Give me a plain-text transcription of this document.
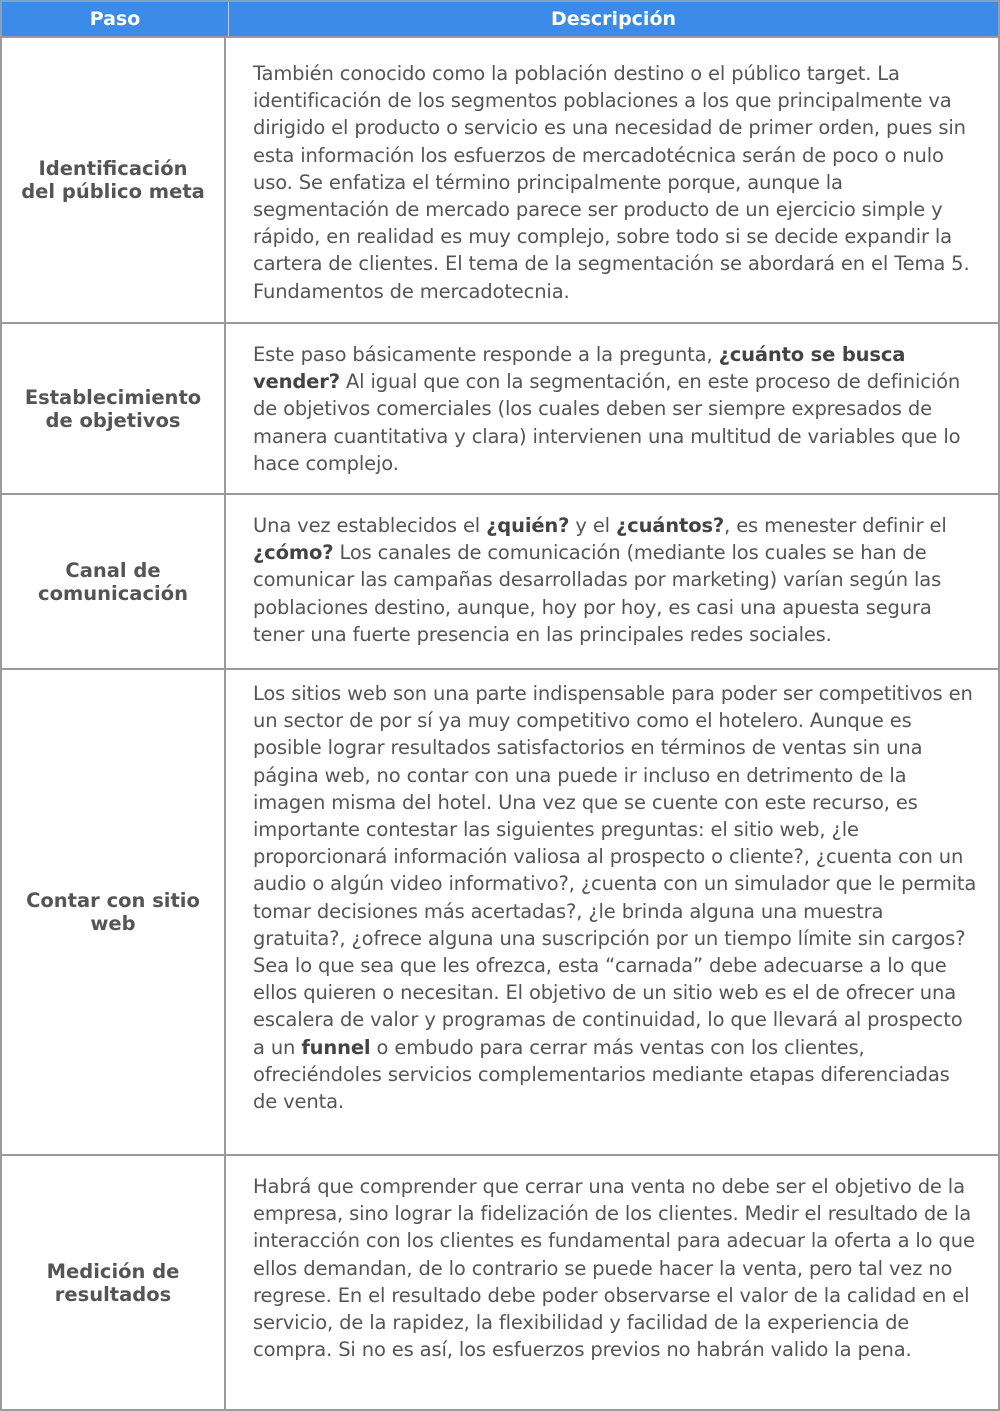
Paso	Descripción
Identificación del público meta
También conocido como la población destino o el público target. La identificación de los segmentos poblaciones a los que principalmente va dirigido el producto o servicio es una necesidad de primer orden, pues sin esta información los esfuerzos de mercadotécnica serán de poco o nulo uso. Se enfatiza el término principalmente porque, aunque la segmentación de mercado parece ser producto de un ejercicio simple y rápido, en realidad es muy complejo, sobre todo si se decide expandir la cartera de clientes. El tema de la segmentación se abordará en el Tema 5. Fundamentos de mercadotecnia.
Establecimiento de objetivos
Este paso básicamente responde a la pregunta, ¿cuánto se busca vender? Al igual que con la segmentación, en este proceso de definición de objetivos comerciales (los cuales deben ser siempre expresados de manera cuantitativa y clara) intervienen una multitud de variables que lo hace complejo.
Canal de comunicación
Una vez establecidos el ¿quién? y el ¿cuántos?, es menester definir el ¿cómo? Los canales de comunicación (mediante los cuales se han de comunicar las campañas desarrolladas por marketing) varían según las poblaciones destino, aunque, hoy por hoy, es casi una apuesta segura tener una fuerte presencia en las principales redes sociales.
Contar con sitio web
Los sitios web son una parte indispensable para poder ser competitivos en un sector de por sí ya muy competitivo como el hotelero. Aunque es posible lograr resultados satisfactorios en términos de ventas sin una página web, no contar con una puede ir incluso en detrimento de la imagen misma del hotel. Una vez que se cuente con este recurso, es importante contestar las siguientes preguntas: el sitio web, ¿le proporcionará información valiosa al prospecto o cliente?, ¿cuenta con un audio o algún video informativo?, ¿cuenta con un simulador que le permita tomar decisiones más acertadas?, ¿le brinda alguna una muestra gratuita?, ¿ofrece alguna una suscripción por un tiempo límite sin cargos? Sea lo que sea que les ofrezca, esta “carnada” debe adecuarse a lo que ellos quieren o necesitan. El objetivo de un sitio web es el de ofrecer una escalera de valor y programas de continuidad, lo que llevará al prospecto a un funnel o embudo para cerrar más ventas con los clientes, ofreciéndoles servicios complementarios mediante etapas diferenciadas de venta.
Medición de resultados
Habrá que comprender que cerrar una venta no debe ser el objetivo de la empresa, sino lograr la fidelización de los clientes. Medir el resultado de la interacción con los clientes es fundamental para adecuar la oferta a lo que ellos demandan, de lo contrario se puede hacer la venta, pero tal vez no regrese. En el resultado debe poder observarse el valor de la calidad en el servicio, de la rapidez, la flexibilidad y facilidad de la experiencia de compra. Si no es así, los esfuerzos previos no habrán valido la pena.
